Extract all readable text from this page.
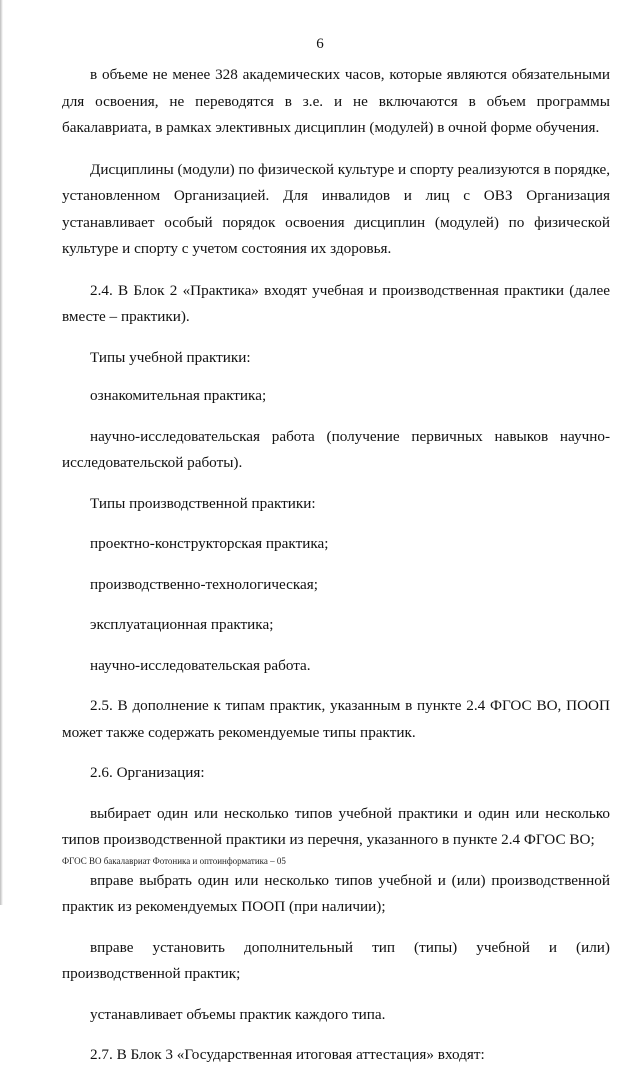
6

в объеме не менее 328 академических часов, которые являются обязательными для освоения, не переводятся в з.е. и не включаются в объем программы бакалавриата, в рамках элективных дисциплин (модулей) в очной форме обучения.

Дисциплины (модули) по физической культуре и спорту реализуются в порядке, установленном Организацией. Для инвалидов и лиц с ОВЗ Организация устанавливает особый порядок освоения дисциплин (модулей) по физической культуре и спорту с учетом состояния их здоровья.

2.4. В Блок 2 «Практика» входят учебная и производственная практики (далее вместе – практики).

Типы учебной практики:

ознакомительная практика;

научно-исследовательская работа (получение первичных навыков научно-исследовательской работы).

Типы производственной практики:

проектно-конструкторская практика;

производственно-технологическая;

эксплуатационная практика;

научно-исследовательская работа.

2.5. В дополнение к типам практик, указанным в пункте 2.4 ФГОС ВО, ПООП может также содержать рекомендуемые типы практик.

2.6. Организация:

выбирает один или несколько типов учебной практики и один или несколько типов производственной практики из перечня, указанного в пункте 2.4 ФГОС ВО;

вправе выбрать один или несколько типов учебной и (или) производственной практик из рекомендуемых ПООП (при наличии);

вправе установить дополнительный тип (типы) учебной и (или) производственной практик;

устанавливает объемы практик каждого типа.

2.7. В Блок 3 «Государственная итоговая аттестация» входят:

ФГОС ВО бакалавриат Фотоника и оптоинформатика – 05
